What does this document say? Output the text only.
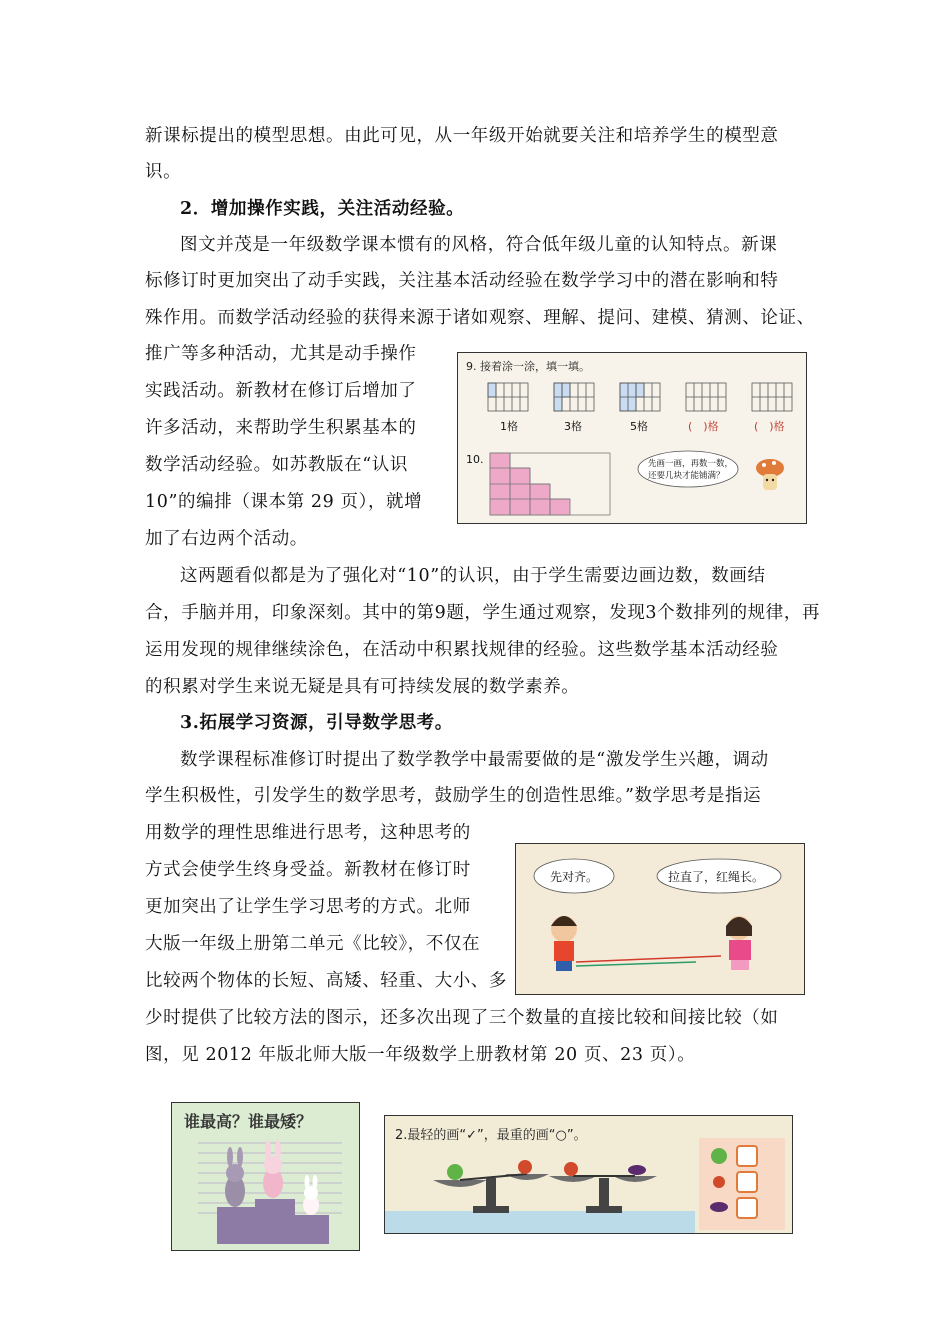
新课标提出的模型思想。由此可见，从一年级开始就要关注和培养学生的模型意
识。
2．增加操作实践，关注活动经验。
图文并茂是一年级数学课本惯有的风格，符合低年级儿童的认知特点。新课
标修订时更加突出了动手实践，关注基本活动经验在数学学习中的潜在影响和特
殊作用。而数学活动经验的获得来源于诸如观察、理解、提问、建模、猜测、论证、
推广等多种活动，尤其是动手操作
实践活动。新教材在修订后增加了
许多活动，来帮助学生积累基本的
数学活动经验。如苏教版在“认识
10”的编排（课本第 29 页），就增
加了右边两个活动。
这两题看似都是为了强化对“10”的认识，由于学生需要边画边数，数画结
合，手脑并用，印象深刻。其中的第9题，学生通过观察，发现3个数排列的规律，再
运用发现的规律继续涂色，在活动中积累找规律的经验。这些数学基本活动经验
的积累对学生来说无疑是具有可持续发展的数学素养。
3.拓展学习资源，引导数学思考。
数学课程标准修订时提出了数学教学中最需要做的是“激发学生兴趣，调动
学生积极性，引发学生的数学思考，鼓励学生的创造性思维。”数学思考是指运
用数学的理性思维进行思考，这种思考的
方式会使学生终身受益。新教材在修订时
更加突出了让学生学习思考的方式。北师
大版一年级上册第二单元《比较》，不仅在
比较两个物体的长短、高矮、轻重、大小、多
少时提供了比较方法的图示，还多次出现了三个数量的直接比较和间接比较（如
图，见 2012 年版北师大版一年级数学上册教材第 20 页、23 页）。
9. 接着涂一涂，填一填。
1格	3格	5格	(　)格	(　)格
10.	先画一画，再数一数，
还要几块才能铺满？
先对齐。	拉直了，红绳长。
谁最高？谁最矮？
2.最轻的画“✓”，最重的画“○”。
